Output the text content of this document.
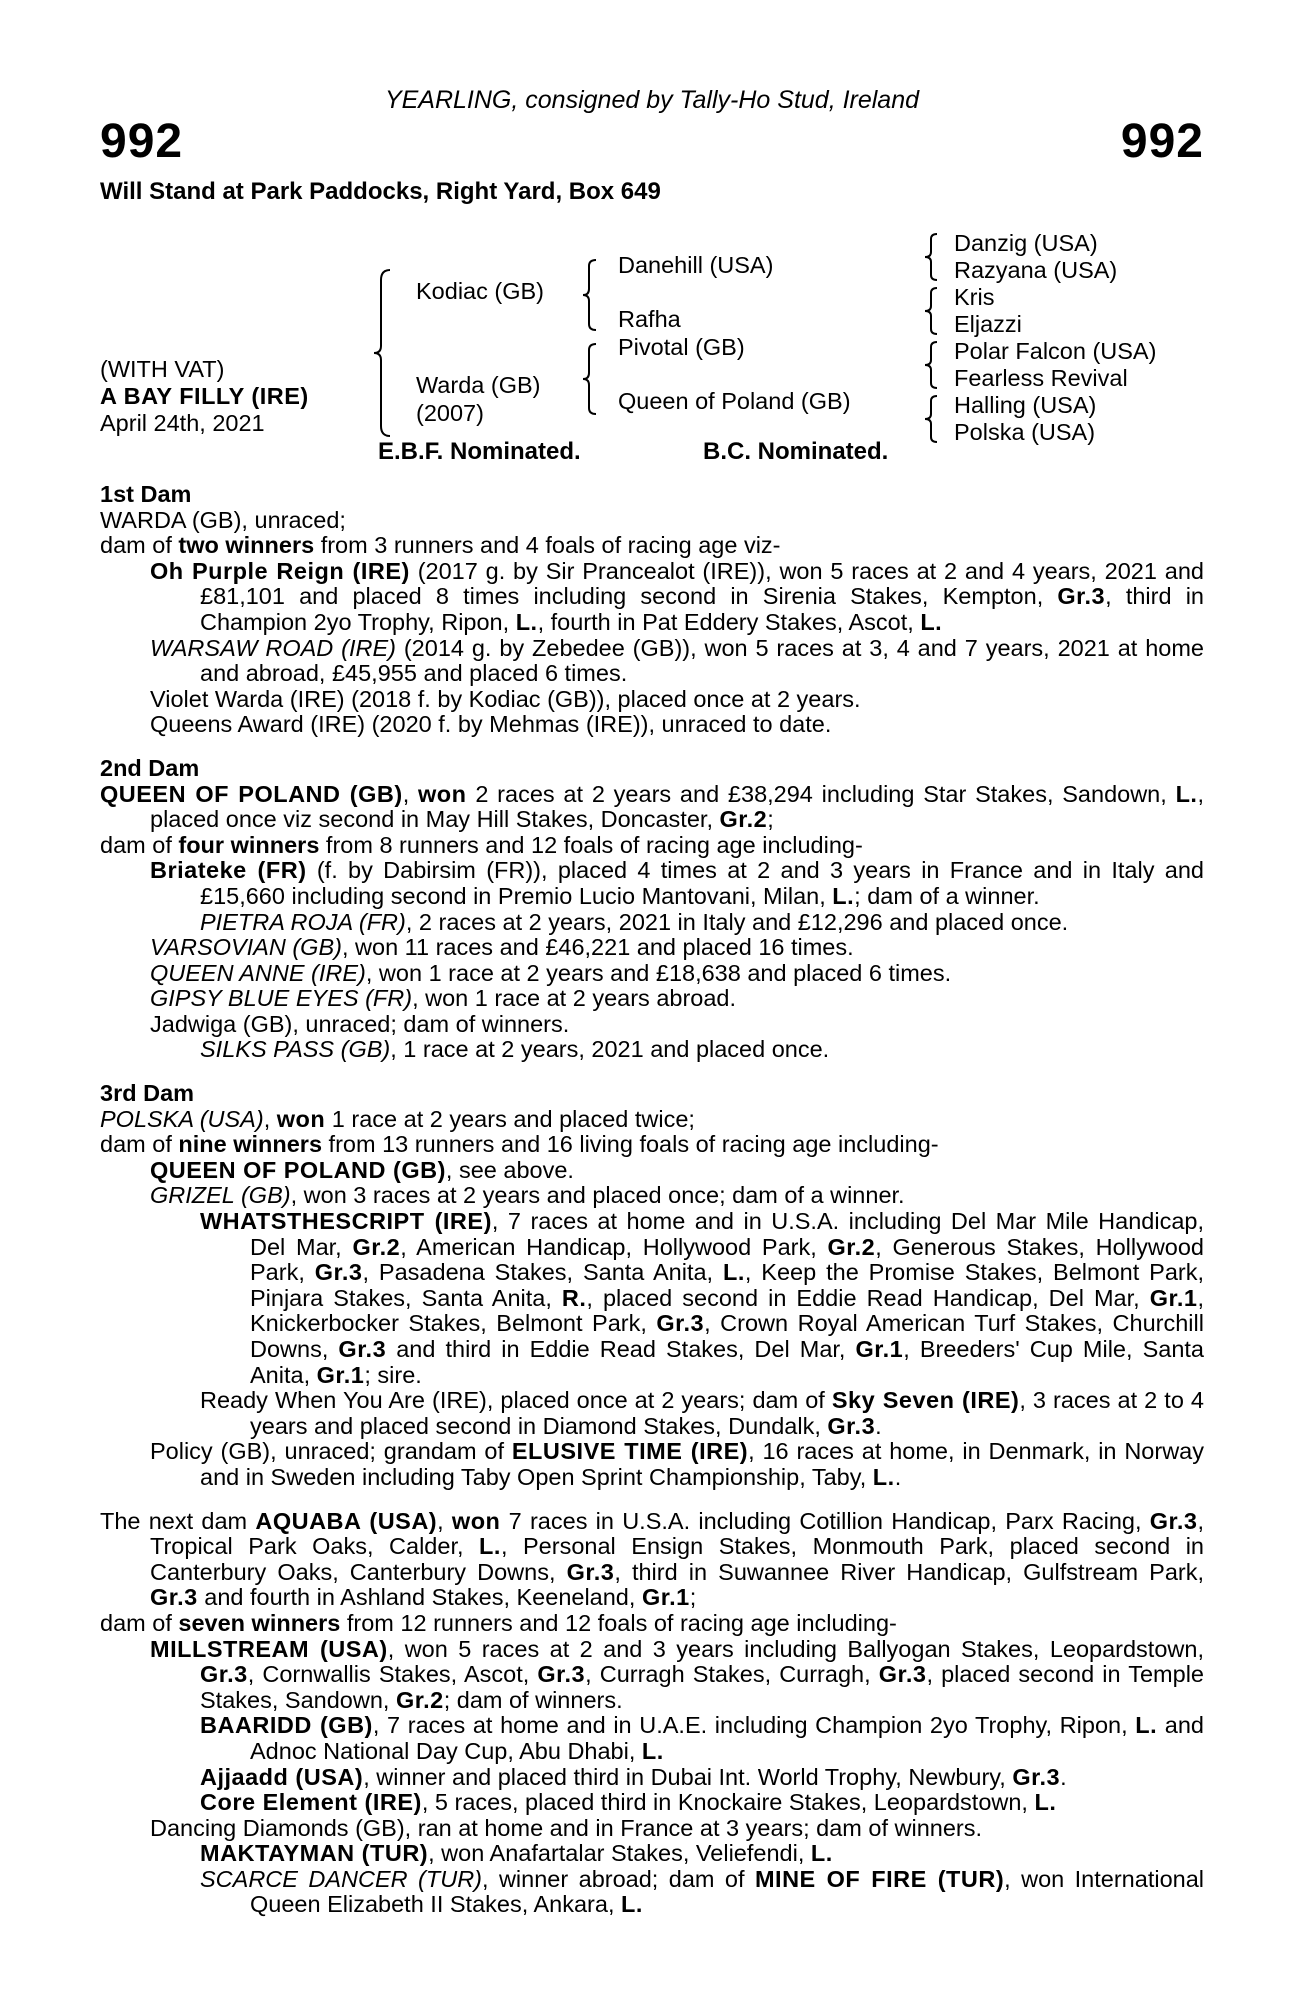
YEARLING, consigned by Tally-Ho Stud, Ireland
992	992
Will Stand at Park Paddocks, Right Yard, Box 649
(WITH VAT)
A BAY FILLY (IRE)
April 24th, 2021
Kodiac (GB)
Warda (GB)
(2007)
Danehill (USA)
Rafha
Pivotal (GB)
Queen of Poland (GB)
Danzig (USA)
Razyana (USA)
Kris
Eljazzi
Polar Falcon (USA)
Fearless Revival
Halling (USA)
Polska (USA)
E.B.F. Nominated.	B.C. Nominated.
1st Dam
WARDA (GB), unraced;
dam of two winners from 3 runners and 4 foals of racing age viz-
Oh Purple Reign (IRE) (2017 g. by Sir Prancealot (IRE)), won 5 races at 2 and 4 years, 2021 and £81,101 and placed 8 times including second in Sirenia Stakes, Kempton, Gr.3, third in Champion 2yo Trophy, Ripon, L., fourth in Pat Eddery Stakes, Ascot, L.
WARSAW ROAD (IRE) (2014 g. by Zebedee (GB)), won 5 races at 3, 4 and 7 years, 2021 at home and abroad, £45,955 and placed 6 times.
Violet Warda (IRE) (2018 f. by Kodiac (GB)), placed once at 2 years.
Queens Award (IRE) (2020 f. by Mehmas (IRE)), unraced to date.
2nd Dam
QUEEN OF POLAND (GB), won 2 races at 2 years and £38,294 including Star Stakes, Sandown, L., placed once viz second in May Hill Stakes, Doncaster, Gr.2;
dam of four winners from 8 runners and 12 foals of racing age including-
Briateke (FR) (f. by Dabirsim (FR)), placed 4 times at 2 and 3 years in France and in Italy and £15,660 including second in Premio Lucio Mantovani, Milan, L.; dam of a winner.
PIETRA ROJA (FR), 2 races at 2 years, 2021 in Italy and £12,296 and placed once.
VARSOVIAN (GB), won 11 races and £46,221 and placed 16 times.
QUEEN ANNE (IRE), won 1 race at 2 years and £18,638 and placed 6 times.
GIPSY BLUE EYES (FR), won 1 race at 2 years abroad.
Jadwiga (GB), unraced; dam of winners.
SILKS PASS (GB), 1 race at 2 years, 2021 and placed once.
3rd Dam
POLSKA (USA), won 1 race at 2 years and placed twice;
dam of nine winners from 13 runners and 16 living foals of racing age including-
QUEEN OF POLAND (GB), see above.
GRIZEL (GB), won 3 races at 2 years and placed once; dam of a winner.
WHATSTHESCRIPT (IRE), 7 races at home and in U.S.A. including Del Mar Mile Handicap, Del Mar, Gr.2, American Handicap, Hollywood Park, Gr.2, Generous Stakes, Hollywood Park, Gr.3, Pasadena Stakes, Santa Anita, L., Keep the Promise Stakes, Belmont Park, Pinjara Stakes, Santa Anita, R., placed second in Eddie Read Handicap, Del Mar, Gr.1, Knickerbocker Stakes, Belmont Park, Gr.3, Crown Royal American Turf Stakes, Churchill Downs, Gr.3 and third in Eddie Read Stakes, Del Mar, Gr.1, Breeders' Cup Mile, Santa Anita, Gr.1; sire.
Ready When You Are (IRE), placed once at 2 years; dam of Sky Seven (IRE), 3 races at 2 to 4 years and placed second in Diamond Stakes, Dundalk, Gr.3.
Policy (GB), unraced; grandam of ELUSIVE TIME (IRE), 16 races at home, in Denmark, in Norway and in Sweden including Taby Open Sprint Championship, Taby, L..
The next dam AQUABA (USA), won 7 races in U.S.A. including Cotillion Handicap, Parx Racing, Gr.3, Tropical Park Oaks, Calder, L., Personal Ensign Stakes, Monmouth Park, placed second in Canterbury Oaks, Canterbury Downs, Gr.3, third in Suwannee River Handicap, Gulfstream Park, Gr.3 and fourth in Ashland Stakes, Keeneland, Gr.1;
dam of seven winners from 12 runners and 12 foals of racing age including-
MILLSTREAM (USA), won 5 races at 2 and 3 years including Ballyogan Stakes, Leopardstown, Gr.3, Cornwallis Stakes, Ascot, Gr.3, Curragh Stakes, Curragh, Gr.3, placed second in Temple Stakes, Sandown, Gr.2; dam of winners.
BAARIDD (GB), 7 races at home and in U.A.E. including Champion 2yo Trophy, Ripon, L. and Adnoc National Day Cup, Abu Dhabi, L.
Ajjaadd (USA), winner and placed third in Dubai Int. World Trophy, Newbury, Gr.3.
Core Element (IRE), 5 races, placed third in Knockaire Stakes, Leopardstown, L.
Dancing Diamonds (GB), ran at home and in France at 3 years; dam of winners.
MAKTAYMAN (TUR), won Anafartalar Stakes, Veliefendi, L.
SCARCE DANCER (TUR), winner abroad; dam of MINE OF FIRE (TUR), won International Queen Elizabeth II Stakes, Ankara, L.
